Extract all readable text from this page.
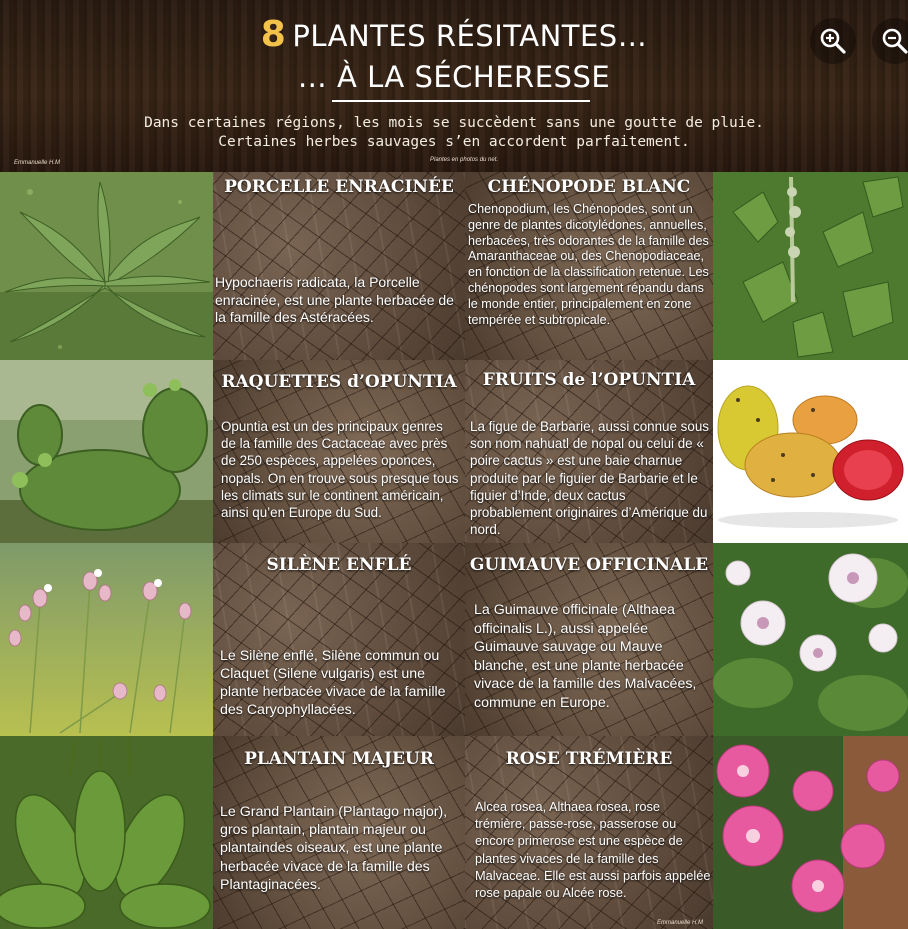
8 PLANTES RÉSITANTES…
… À LA SÉCHERESSE
Dans certaines régions, les mois se succèdent sans une goutte de pluie.
Certaines herbes sauvages s’en accordent parfaitement.
Emmanuelle H.M	Plantes en photos du net.
PORCELLE ENRACINÉE
Hypochaeris radicata, la Porcelle enracinée, est une plante herbacée de la famille des Astéracées.
CHÉNOPODE BLANC
Chenopodium, les Chénopodes, sont un genre de plantes dicotylédones, annuelles, herbacées, très odorantes de la famille des Amaranthaceae ou, des Chenopodiaceae, en fonction de la classification retenue. Les chénopodes sont largement répandu dans le monde entier, principalement en zone tempérée et subtropicale.
RAQUETTES d’OPUNTIA
Opuntia est un des principaux genres de la famille des Cactaceae avec près de 250 espèces, appelées oponces, nopals. On en trouve sous presque tous les climats sur le continent américain, ainsi qu’en Europe du Sud.
FRUITS de l’OPUNTIA
La figue de Barbarie, aussi connue sous son nom nahuatl de nopal ou celui de « poire cactus » est une baie charnue produite par le figuier de Barbarie et le figuier d’Inde, deux cactus probablement originaires d’Amérique du nord.
SILÈNE ENFLÉ
Le Silène enflé, Silène commun ou Claquet (Silene vulgaris) est une plante herbacée vivace de la famille des Caryophyllacées.
GUIMAUVE OFFICINALE
La Guimauve officinale (Althaea officinalis L.), aussi appelée Guimauve sauvage ou Mauve blanche, est une plante herbacée vivace de la famille des Malvacées, commune en Europe.
PLANTAIN MAJEUR
Le Grand Plantain (Plantago major), gros plantain, plantain majeur ou plantaindes oiseaux, est une plante herbacée vivace de la famille des Plantaginacées.
ROSE TRÉMIÈRE
Alcea rosea, Althaea rosea, rose trémière, passe-rose, passerose ou encore primerose est une espèce de plantes vivaces de la famille des Malvaceae. Elle est aussi parfois appelée rose papale ou Alcée rose.
Emmanuelle H.M
